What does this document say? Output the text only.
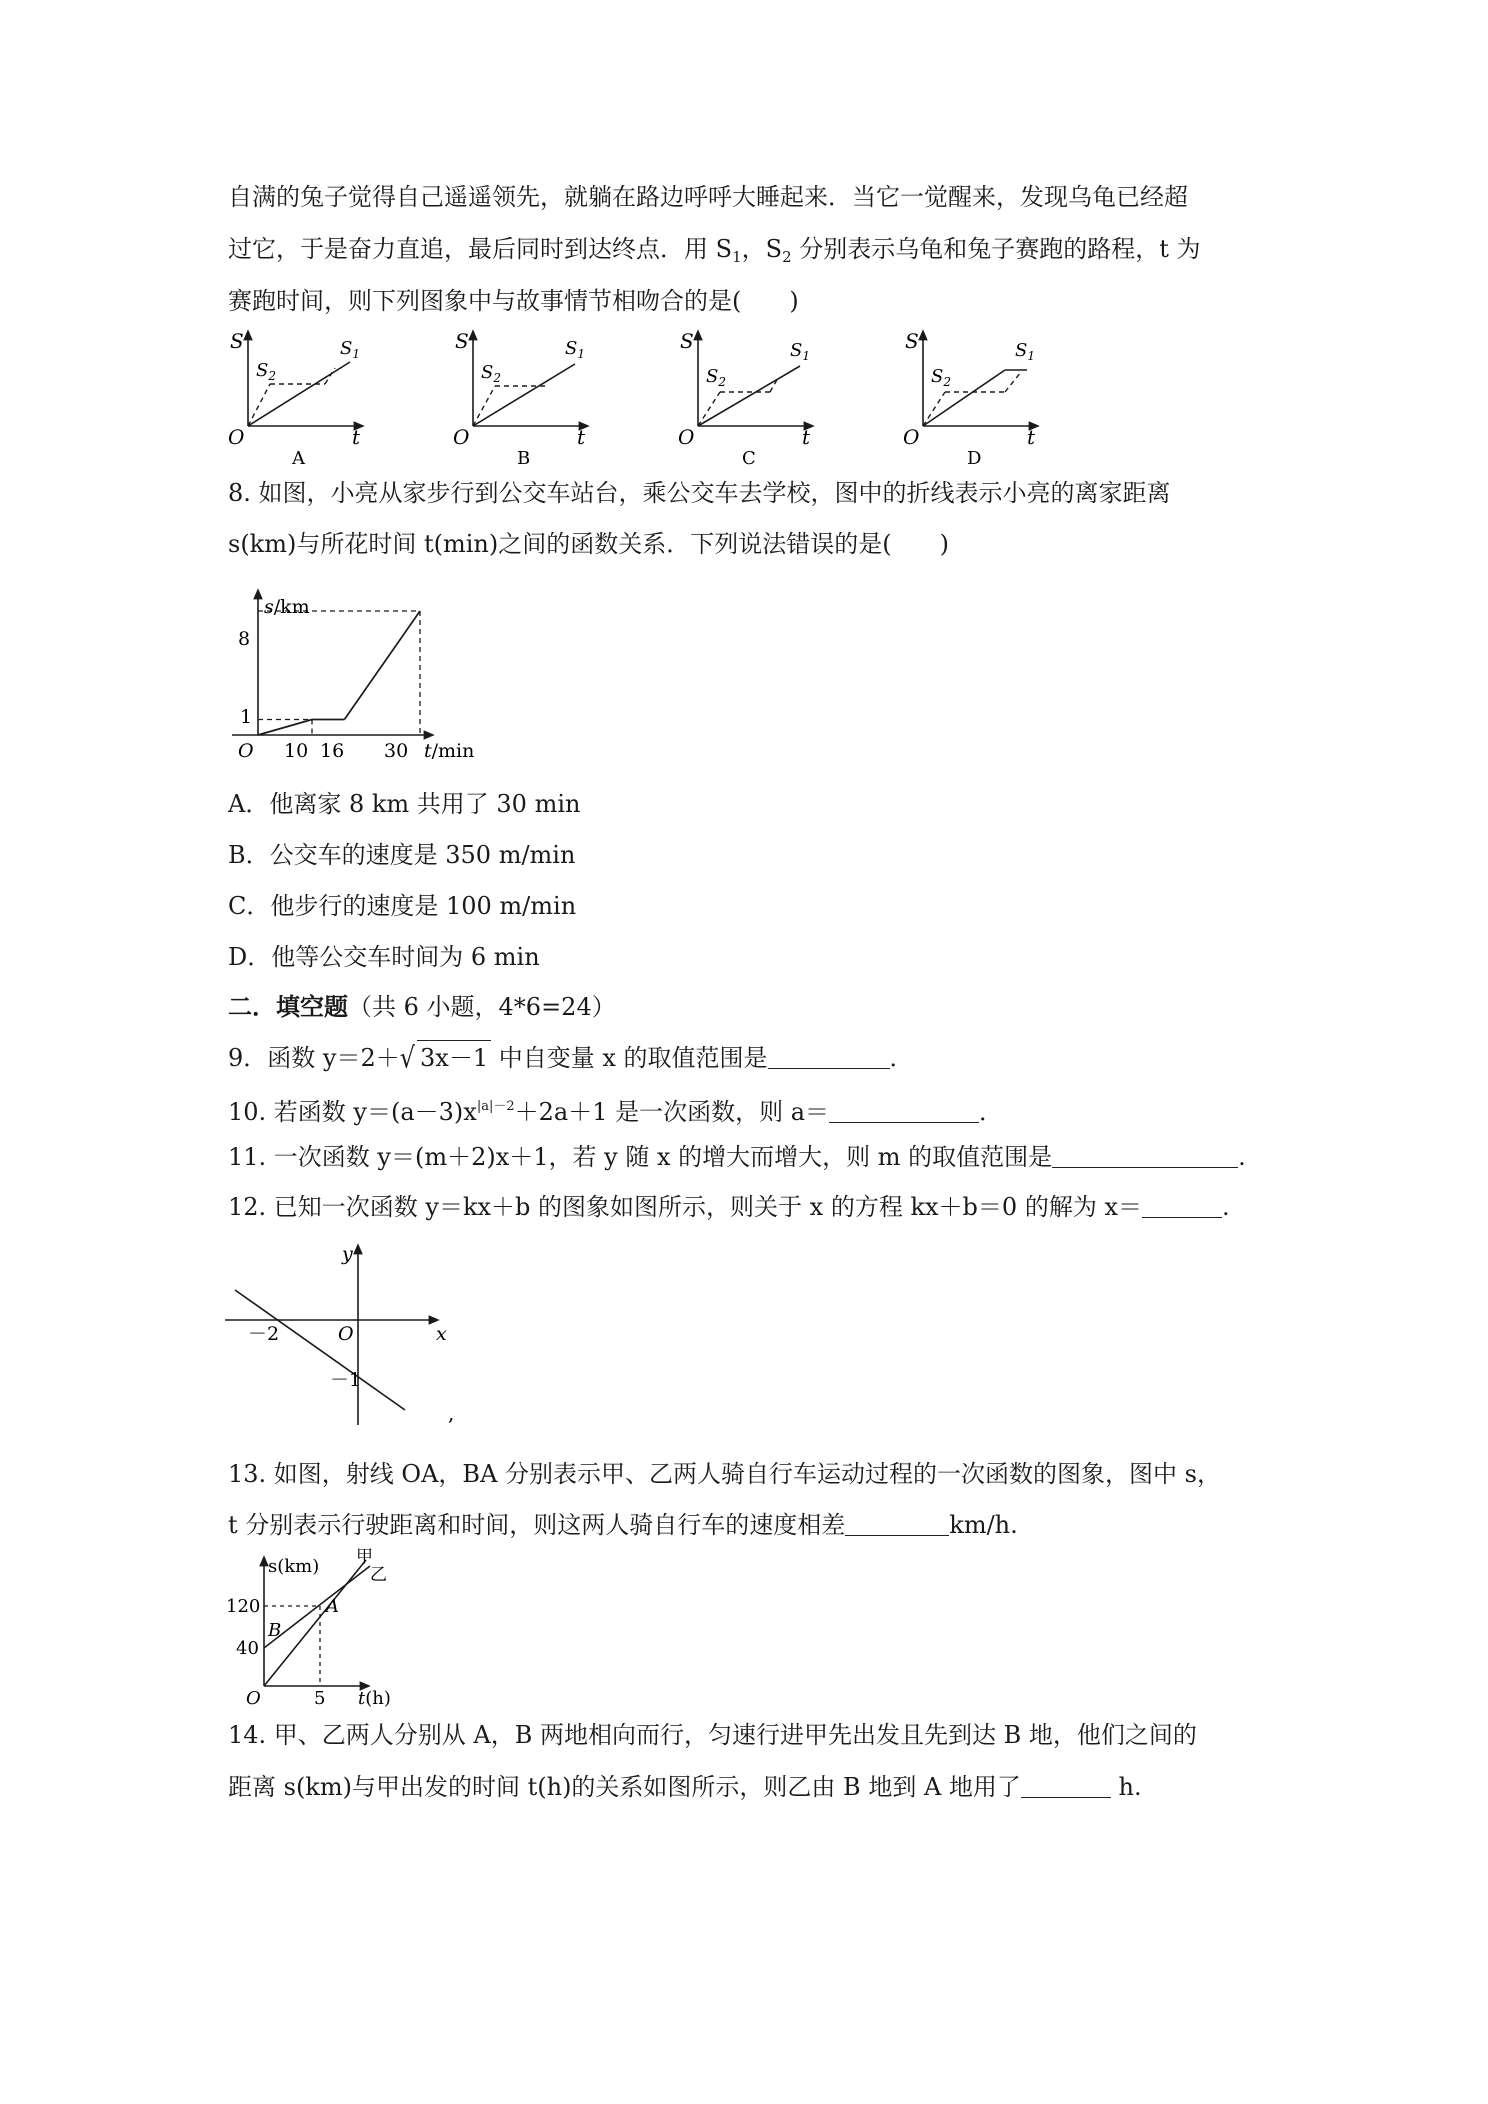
自满的兔子觉得自己遥遥领先，就躺在路边呼呼大睡起来．当它一觉醒来，发现乌龟已经超
过它，于是奋力直追，最后同时到达终点．用 $S_1$，$S_2$ 分别表示乌龟和兔子赛跑的路程，t 为
赛跑时间，则下列图象中与故事情节相吻合的是(　　)
S
$S_2$
$S_1$
O	t
A
S
$S_2$
$S_1$
O	t
B
S
$S_2$
$S_1$
O	t
C
S
$S_2$
$S_1$
O	t
D
8. 如图，小亮从家步行到公交车站台，乘公交车去学校，图中的折线表示小亮的离家距离
s(km)与所花时间 t(min)之间的函数关系．下列说法错误的是(　　)
s/km
8
1
O 10 16 30 t/min
A．他离家 8 km 共用了 30 min
B．公交车的速度是 350 m/min
C．他步行的速度是 100 m/min
D．他等公交车时间为 6 min
二．填空题（共 6 小题，4*6=24）
9．函数 y＝2＋√ 3x－1 中自变量 x 的取值范围是	．
10. 若函数 $y=(a-3)x^{|a|-2}+2a+1$ 是一次函数，则 a＝	．
11. 一次函数 y＝(m＋2)x＋1，若 y 随 x 的增大而增大，则 m 的取值范围是	.
12. 已知一次函数 y＝kx＋b 的图象如图所示，则关于 x 的方程 kx＋b＝0 的解为 x＝	.
y
x
O
－2
－1
,
13. 如图，射线 OA，BA 分别表示甲、乙两人骑自行车运动过程的一次函数的图象，图中 s，
t 分别表示行驶距离和时间，则这两人骑自行车的速度相差	km/h.
s(km)
120
40
O	5 t(h)
A
B
甲
乙
14. 甲、乙两人分别从 A，B 两地相向而行，匀速行进甲先出发且先到达 B 地，他们之间的
距离 s(km)与甲出发的时间 t(h)的关系如图所示，则乙由 B 地到 A 地用了	h.
